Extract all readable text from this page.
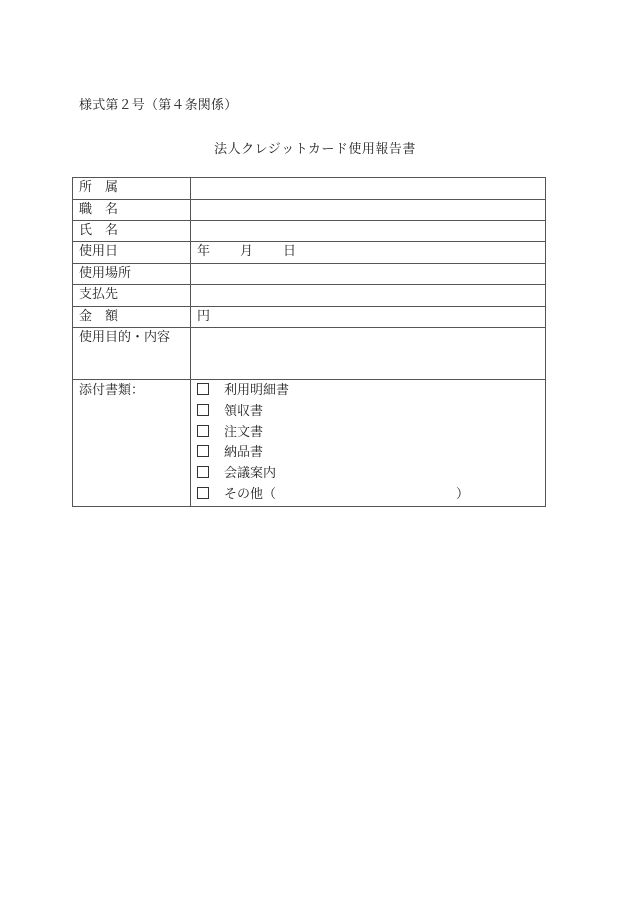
様式第２号（第４条関係）
法人クレジットカード使用報告書
所　属	
職　名	
氏　名	
使用日	年 月 日
使用場所	
支払先	
金　額	円
使用目的・内容	
添付書類：	利用明細書
領収書
注文書
納品書
会議案内
その他（	）
